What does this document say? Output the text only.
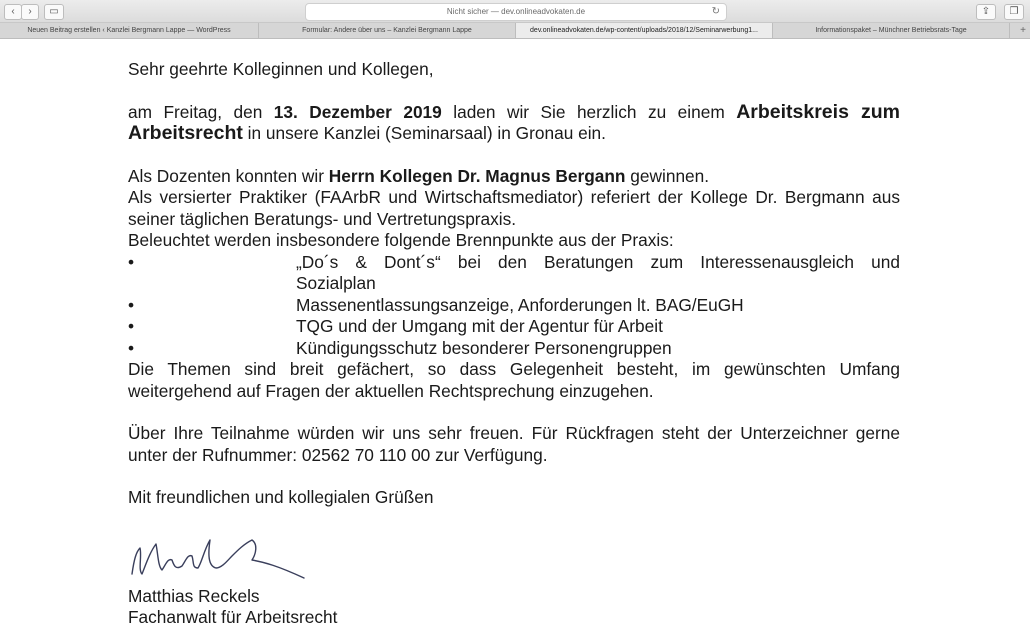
‹	›	▭	Nicht sicher — dev.onlineadvokaten.de	↻	⇪	❐
Neuen Beitrag erstellen ‹ Kanzlei Bergmann Lappe — WordPress	Formular: Andere über uns – Kanzlei Bergmann Lappe	dev.onlineadvokaten.de/wp-content/uploads/2018/12/Seminarwerbung1...	Informationspaket – Münchner Betriebsrats-Tage	+

Sehr geehrte Kolleginnen und Kollegen,

am Freitag, den 13. Dezember 2019 laden wir Sie herzlich zu einem Arbeitskreis zum Arbeitsrecht in unsere Kanzlei (Seminarsaal) in Gronau ein.

Als Dozenten konnten wir Herrn Kollegen Dr. Magnus Bergann gewinnen.

Als versierter Praktiker (FAArbR und Wirtschaftsmediator) referiert der Kollege Dr. Bergmann aus seiner täglichen Beratungs- und Vertretungspraxis.

Beleuchtet werden insbesondere folgende Brennpunkte aus der Praxis:

•	„Do´s & Dont´s“ bei den Beratungen zum Interessenausgleich und Sozialplan
•	Massenentlassungsanzeige, Anforderungen lt. BAG/EuGH
•	TQG und der Umgang mit der Agentur für Arbeit
•	Kündigungsschutz besonderer Personengruppen

Die Themen sind breit gefächert, so dass Gelegenheit besteht, im gewünschten Umfang weitergehend auf Fragen der aktuellen Rechtsprechung einzugehen.

Über Ihre Teilnahme würden wir uns sehr freuen. Für Rückfragen steht der Unterzeichner gerne unter der Rufnummer: 02562 70 110 00 zur Verfügung.

Mit freundlichen und kollegialen Grüßen

Matthias Reckels

Fachanwalt für Arbeitsrecht
